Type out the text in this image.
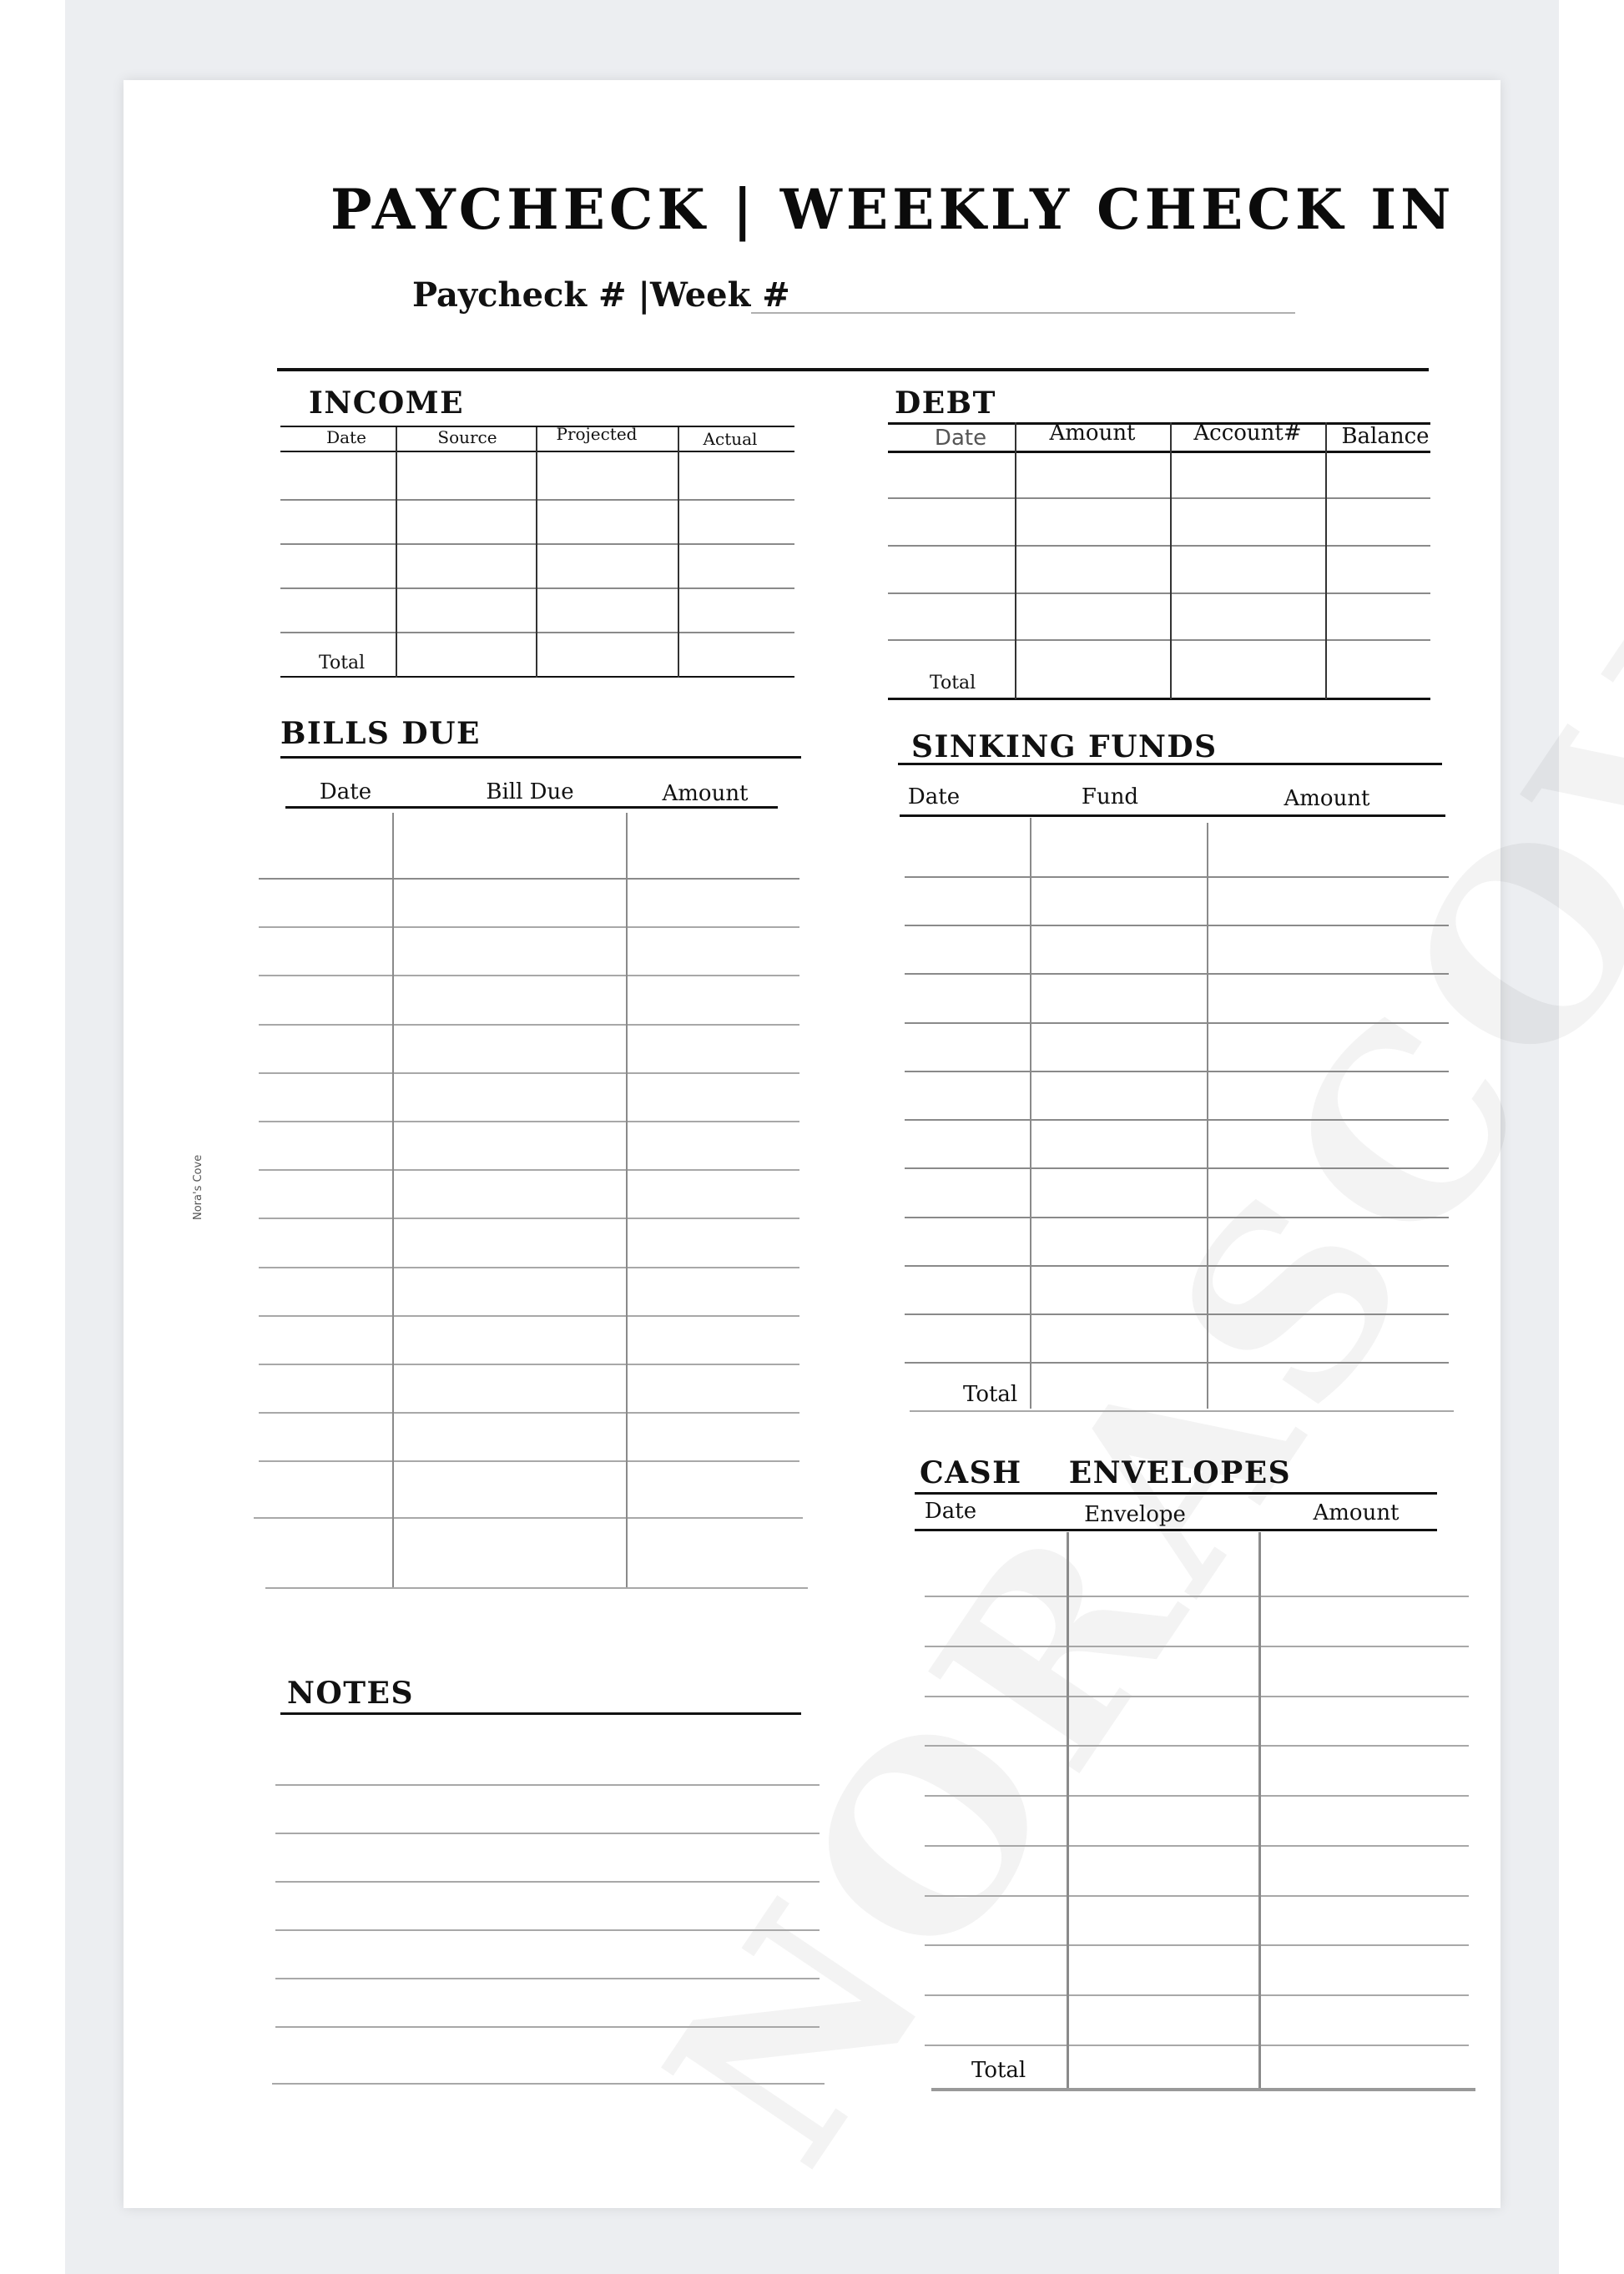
PAYCHECK | WEEKLY CHECK IN
Paycheck # |Week #
Nora's Cove
INCOME
Date	Source	Projected	Actual
Total
DEBT
Date	Amount	Account#	Balance
Total
BILLS DUE
Date	Bill Due	Amount
SINKING FUNDS
Date	Fund	Amount
Total
CASH    ENVELOPES
Date	Envelope	Amount
Total
NOTES
